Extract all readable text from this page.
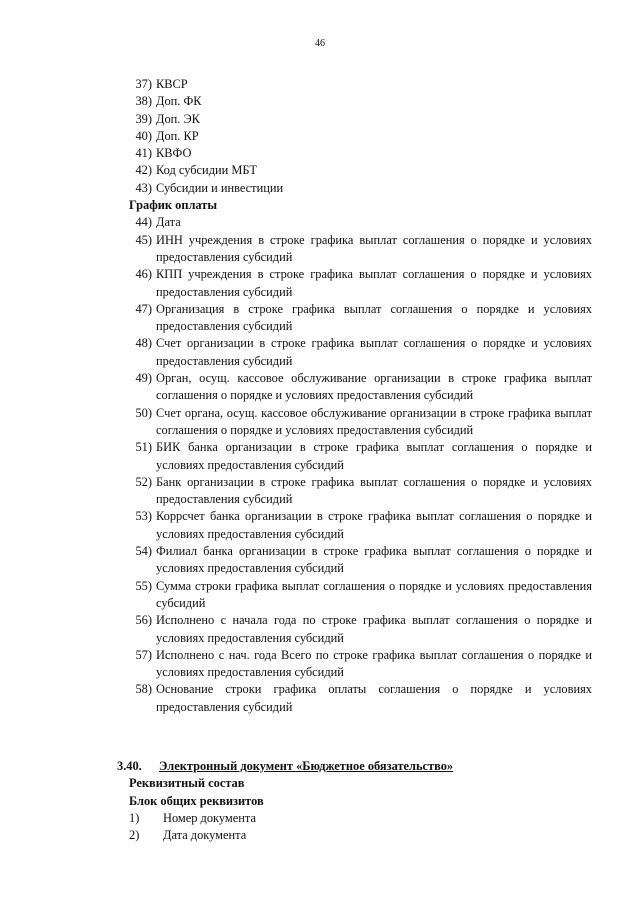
46
37) КВСР
38) Доп. ФК
39) Доп. ЭК
40) Доп. КР
41) КВФО
42) Код субсидии МБТ
43) Субсидии и инвестиции
График оплаты
44) Дата
45) ИНН учреждения в строке графика выплат соглашения о порядке и условиях предоставления субсидий
46) КПП учреждения в строке графика выплат соглашения о порядке и условиях предоставления субсидий
47) Организация в строке графика выплат соглашения о порядке и условиях предоставления субсидий
48) Счет организации в строке графика выплат соглашения о порядке и условиях предоставления субсидий
49) Орган, осущ. кассовое обслуживание организации в строке графика выплат соглашения о порядке и условиях предоставления субсидий
50) Счет органа, осущ. кассовое обслуживание организации в строке графика выплат соглашения о порядке и условиях предоставления субсидий
51) БИК банка организации в строке графика выплат соглашения о порядке и условиях предоставления субсидий
52) Банк организации в строке графика выплат соглашения о порядке и условиях предоставления субсидий
53) Коррсчет банка организации в строке графика выплат соглашения о порядке и условиях предоставления субсидий
54) Филиал банка организации в строке графика выплат соглашения о порядке и условиях предоставления субсидий
55) Сумма строки графика выплат соглашения о порядке и условиях предоставления субсидий
56) Исполнено с начала года по строке графика выплат соглашения о порядке и условиях предоставления субсидий
57) Исполнено с нач. года Всего по строке графика выплат соглашения о порядке и условиях предоставления субсидий
58) Основание строки графика оплаты соглашения о порядке и условиях предоставления субсидий
3.40.	Электронный документ «Бюджетное обязательство»
Реквизитный состав
Блок общих реквизитов
1)	Номер документа
2)	Дата документа
